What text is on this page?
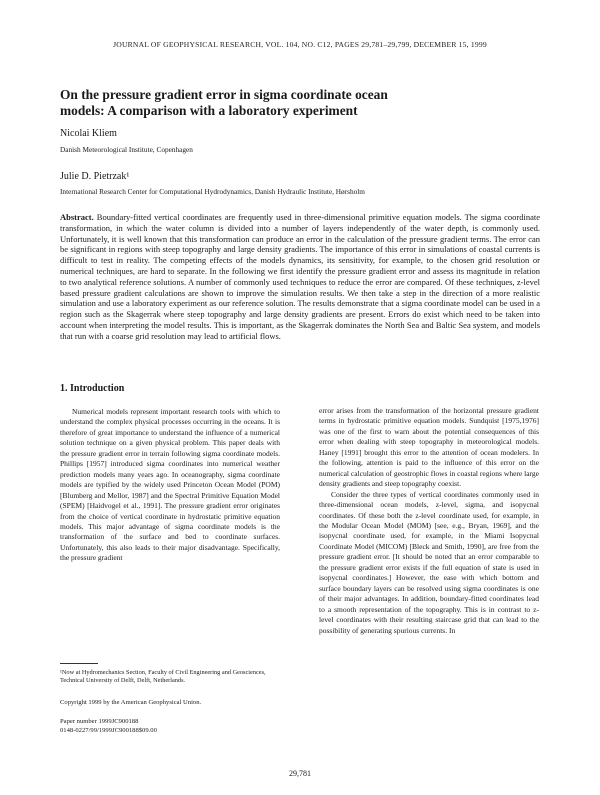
JOURNAL OF GEOPHYSICAL RESEARCH, VOL. 104, NO. C12, PAGES 29,781–29,799, DECEMBER 15, 1999
On the pressure gradient error in sigma coordinate ocean
models: A comparison with a laboratory experiment
Nicolai Kliem
Danish Meteorological Institute, Copenhagen
Julie D. Pietrzak¹
International Research Center for Computational Hydrodynamics, Danish Hydraulic Institute, Hørsholm
Abstract. Boundary-fitted vertical coordinates are frequently used in three-dimensional primitive equation models. The sigma coordinate transformation, in which the water column is divided into a number of layers independently of the water depth, is commonly used. Unfortunately, it is well known that this transformation can produce an error in the calculation of the pressure gradient terms. The error can be significant in regions with steep topography and large density gradients. The importance of this error in simulations of coastal currents is difficult to test in reality. The competing effects of the models dynamics, its sensitivity, for example, to the chosen grid resolution or numerical techniques, are hard to separate. In the following we first identify the pressure gradient error and assess its magnitude in relation to two analytical reference solutions. A number of commonly used techniques to reduce the error are compared. Of these techniques, z-level based pressure gradient calculations are shown to improve the simulation results. We then take a step in the direction of a more realistic simulation and use a laboratory experiment as our reference solution. The results demonstrate that a sigma coordinate model can be used in a region such as the Skagerrak where steep topography and large density gradients are present. Errors do exist which need to be taken into account when interpreting the model results. This is important, as the Skagerrak dominates the North Sea and Baltic Sea system, and models that run with a coarse grid resolution may lead to artificial flows.
1. Introduction

Numerical models represent important research tools with which to understand the complex physical processes occurring in the oceans. It is therefore of great importance to understand the influence of a numerical solution technique on a given physical problem. This paper deals with the pressure gradient error in terrain following sigma coordinate models. Phillips [1957] introduced sigma coordinates into numerical weather prediction models many years ago. In oceanography, sigma coordinate models are typified by the widely used Princeton Ocean Model (POM) [Blumberg and Mellor, 1987] and the Spectral Primitive Equation Model (SPEM) [Haidvogel et al., 1991]. The pressure gradient error originates from the choice of vertical coordinate in hydrostatic primitive equation models. This major advantage of sigma coordinate models is the transformation of the surface and bed to coordinate surfaces. Unfortunately, this also leads to their major disadvantage. Specifically, the pressure gradient

error arises from the transformation of the horizontal pressure gradient terms in hydrostatic primitive equation models. Sundquist [1975,1976] was one of the first to warn about the potential consequences of this error when dealing with steep topography in meteorological models. Haney [1991] brought this error to the attention of ocean modelers. In the following, attention is paid to the influence of this error on the numerical calculation of geostrophic flows in coastal regions where large density gradients and steep topography coexist.

Consider the three types of vertical coordinates commonly used in three-dimensional ocean models, z-level, sigma, and isopycnal coordinates. Of these both the z-level coordinate used, for example, in the Modular Ocean Model (MOM) [see, e.g., Bryan, 1969], and the isopycnal coordinate used, for example, in the Miami Isopycnal Coordinate Model (MICOM) [Bleck and Smith, 1990], are free from the pressure gradient error. [It should be noted that an error comparable to the pressure gradient error exists if the full equation of state is used in isopycnal coordinates.] However, the ease with which bottom and surface boundary layers can be resolved using sigma coordinates is one of their major advantages. In addition, boundary-fitted coordinates lead to a smooth representation of the topography. This is in contrast to z-level coordinates with their resulting staircase grid that can lead to the possibility of generating spurious currents. In

¹Now at Hydromechanics Section, Faculty of Civil Engineering and Geosciences, Technical University of Delft, Delft, Netherlands.

Copyright 1999 by the American Geophysical Union.
Paper number 1999JC900188
0148-0227/99/1999JC900188$09.00
29,781
